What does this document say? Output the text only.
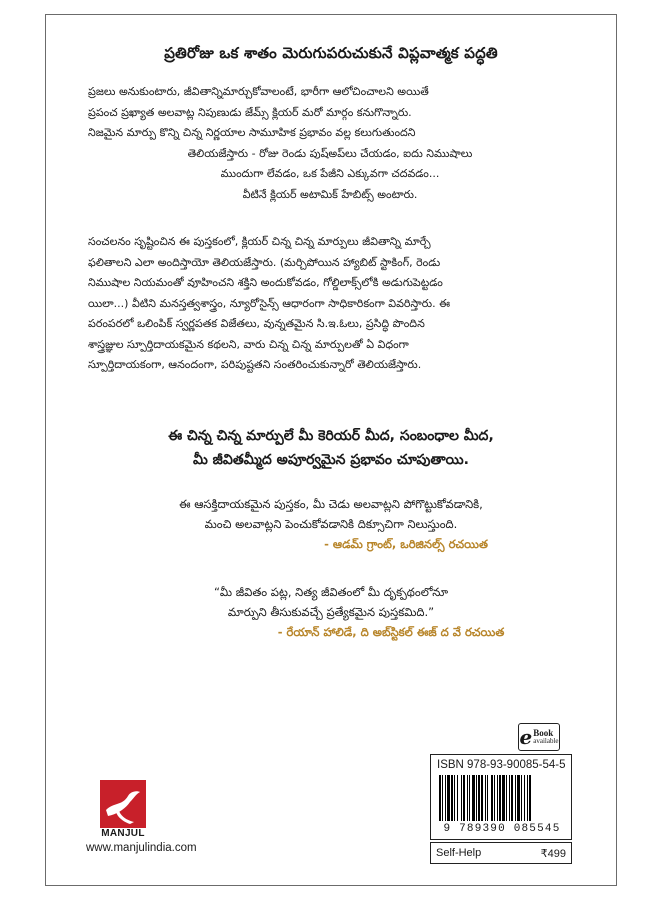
ప్రతిరోజు ఒక శాతం మెరుగుపరుచుకునే విప్లవాత్మక పద్ధతి
ప్రజలు అనుకుంటారు, జీవితాన్నిమార్చుకోవాలంటే, భారీగా ఆలోచించాలని అయితే
ప్రపంచ ప్రఖ్యాత అలవాట్ల నిపుణుడు జేమ్స్ క్లియర్ మరో మార్గం కనుగొన్నారు.
నిజమైన మార్పు కొన్ని చిన్న నిర్ణయాల సామూహిక ప్రభావం వల్ల కలుగుతుందని
తెలియజేస్తారు - రోజు రెండు పుష్అప్‌లు చేయడం, ఐదు నిముషాలు
ముందుగా లేవడం, ఒక పేజీని ఎక్కువగా చదవడం...
వీటినే క్లియర్ అటామిక్ హేబిట్స్ అంటారు.
సంచలనం సృష్టించిన ఈ పుస్తకంలో, క్లియర్ చిన్న చిన్న మార్పులు జీవితాన్ని మార్చే
ఫలితాలని ఎలా అందిస్తాయో తెలియజేస్తారు. (మర్చిపోయిన హ్యాబిట్ స్టాకింగ్, రెండు
నిముషాల నియమంతో వూహించని శక్తిని అందుకోవడం, గోల్డిలాక్స్‌లోకి అడుగుపెట్టడం
యిలా...) వీటిని మనస్తత్వశాస్త్రం, న్యూరోసైన్స్ ఆధారంగా సాధికారికంగా వివరిస్తారు. ఈ
పరంపరలో ఒలింపిక్ స్వర్ణపతక విజేతలు, వున్నతమైన సి.ఇ.ఓలు, ప్రసిద్ధి పొందిన
శాస్త్రజ్ఞుల స్పూర్తిదాయకమైన కథలని, వారు చిన్న చిన్న మార్పులతో ఏ విధంగా
స్పూర్తిదాయకంగా, ఆనందంగా, పరిపుష్టతని సంతరించుకున్నారో తెలియజేస్తారు.
ఈ చిన్న చిన్న మార్పులే మీ కెరియర్ మీద, సంబంధాల మీద,
మీ జీవితమ్మీద అపూర్వమైన ప్రభావం చూపుతాయి.
ఈ ఆసక్తిదాయకమైన పుస్తకం, మీ చెడు అలవాట్లని పోగొట్టుకోవడానికి,
మంచి అలవాట్లని పెంచుకోవడానికి దిక్సూచిగా నిలుస్తుంది.
- ఆడమ్ గ్రాంట్, ఒరిజినల్స్ రచయిత
“మీ జీవితం పట్ల, నిత్య జీవితంలో మీ దృక్పథంలోనూ
మార్పుని తీసుకువచ్చే ప్రత్యేకమైన పుస్తకమిది.”
- రేయాన్ హాలిడే, ది అబ్‌స్టికల్ ఈజ్ ద వే రచయిత
e Book
available
ISBN 978-93-90085-54-5
9 789390 085545
Self-Help	₹499
MANJUL
www.manjulindia.com
